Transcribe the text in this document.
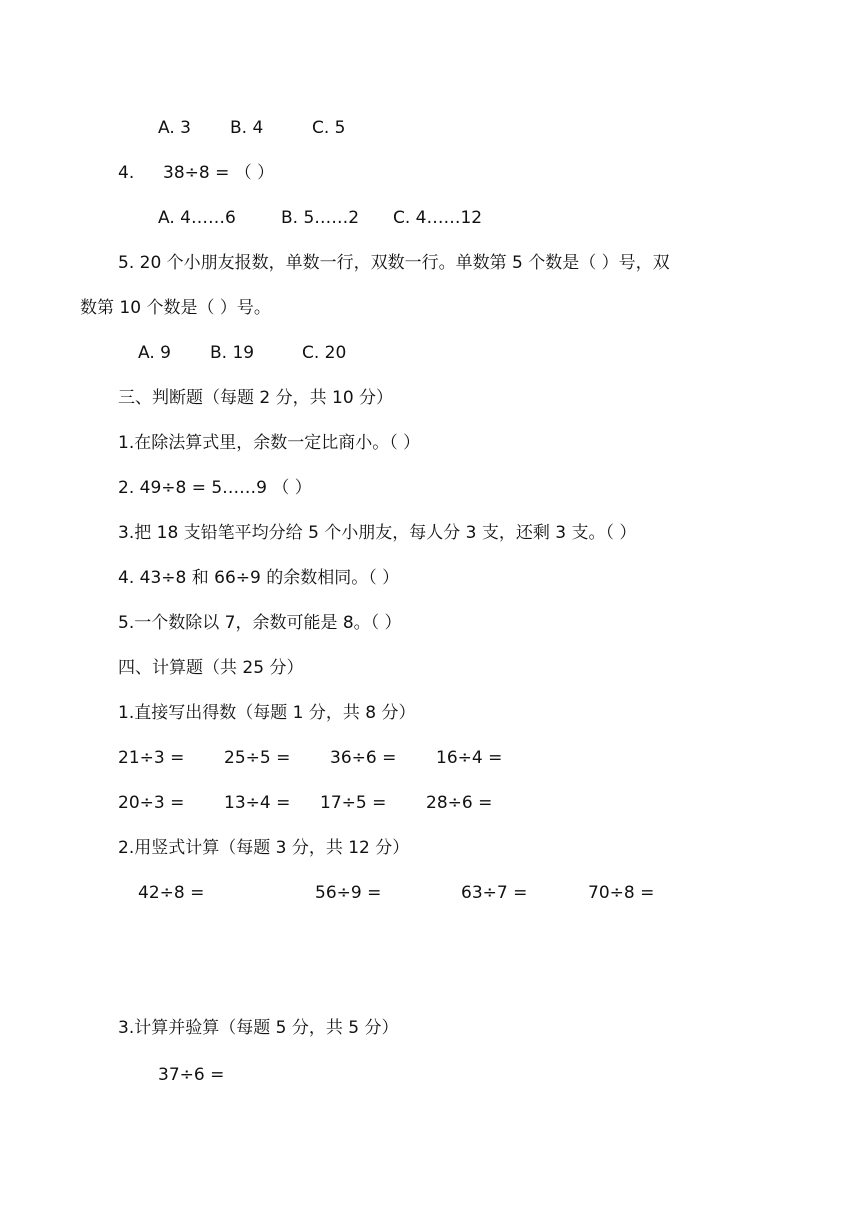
A. 3 B. 4	C. 5
4. 38÷8 = （ ）
A. 4……6	B. 5……2 C. 4……12
5. 20 个小朋友报数，单数一行，双数一行。单数第 5 个数是（ ）号，双
数第 10 个数是（ ）号。
A. 9 B. 19	C. 20
三、判断题（每题 2 分，共 10 分）
1.在除法算式里，余数一定比商小。（ ）
2. 49÷8 = 5……9 （ ）
3.把 18 支铅笔平均分给 5 个小朋友，每人分 3 支，还剩 3 支。（ ）
4. 43÷8 和 66÷9 的余数相同。（ ）
5.一个数除以 7，余数可能是 8。（ ）
四、计算题（共 25 分）
1.直接写出得数（每题 1 分，共 8 分）
21÷3 = 25÷5 = 36÷6 = 16÷4 =
20÷3 = 13÷4 = 17÷5 = 28÷6 =
2.用竖式计算（每题 3 分，共 12 分）
42÷8 =	56÷9 =	63÷7 =	70÷8 =
3.计算并验算（每题 5 分，共 5 分）
37÷6 =
